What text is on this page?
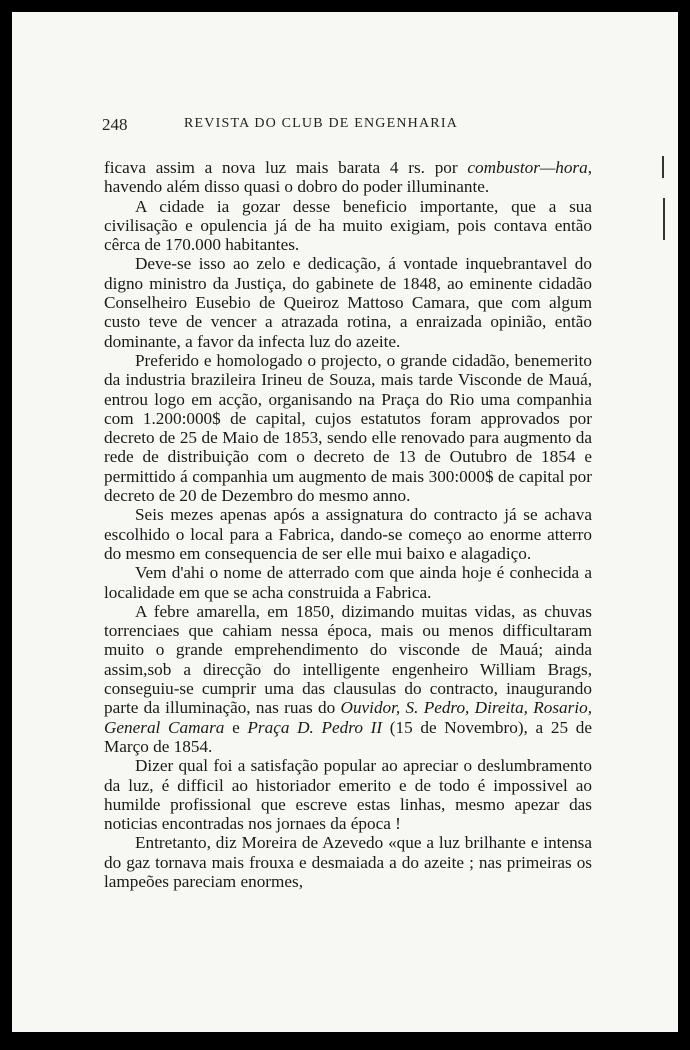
248	REVISTA DO CLUB DE ENGENHARIA

ficava assim a nova luz mais barata 4 rs. por combustor—hora, havendo além disso quasi o dobro do poder illuminante.

A cidade ia gozar desse beneficio importante, que a sua civilisação e opulencia já de ha muito exigiam, pois contava então cêrca de 170.000 habitantes.

Deve-se isso ao zelo e dedicação, á vontade inquebrantavel do digno ministro da Justiça, do gabinete de 1848, ao eminente cidadão Conselheiro Eusebio de Queiroz Mattoso Camara, que com algum custo teve de vencer a atrazada rotina, a enraizada opinião, então dominante, a favor da infecta luz do azeite.

Preferido e homologado o projecto, o grande cidadão, benemerito da industria brazileira Irineu de Souza, mais tarde Visconde de Mauá, entrou logo em acção, organisando na Praça do Rio uma companhia com 1.200:000$ de capital, cujos estatutos foram approvados por decreto de 25 de Maio de 1853, sendo elle renovado para augmento da rede de distribuição com o decreto de 13 de Outubro de 1854 e permittido á companhia um augmento de mais 300:000$ de capital por decreto de 20 de Dezembro do mesmo anno.

Seis mezes apenas após a assignatura do contracto já se achava escolhido o local para a Fabrica, dando-se começo ao enorme atterro do mesmo em consequencia de ser elle mui baixo e alagadiço.

Vem d'ahi o nome de atterrado com que ainda hoje é conhecida a localidade em que se acha construida a Fabrica.

A febre amarella, em 1850, dizimando muitas vidas, as chuvas torrenciaes que cahiam nessa época, mais ou menos difficultaram muito o grande emprehendimento do visconde de Mauá; ainda assim,sob a direcção do intelligente engenheiro William Brags, conseguiu-se cumprir uma das clausulas do contracto, inaugurando parte da illuminação, nas ruas do Ouvidor, S. Pedro, Direita, Rosario, General Camara e Praça D. Pedro II (15 de Novembro), a 25 de Março de 1854.

Dizer qual foi a satisfação popular ao apreciar o deslumbramento da luz, é difficil ao historiador emerito e de todo é impossivel ao humilde profissional que escreve estas linhas, mesmo apezar das noticias encontradas nos jornaes da época !

Entretanto, diz Moreira de Azevedo «que a luz brilhante e intensa do gaz tornava mais frouxa e desmaiada a do azeite ; nas primeiras os lampeões pareciam enormes,
